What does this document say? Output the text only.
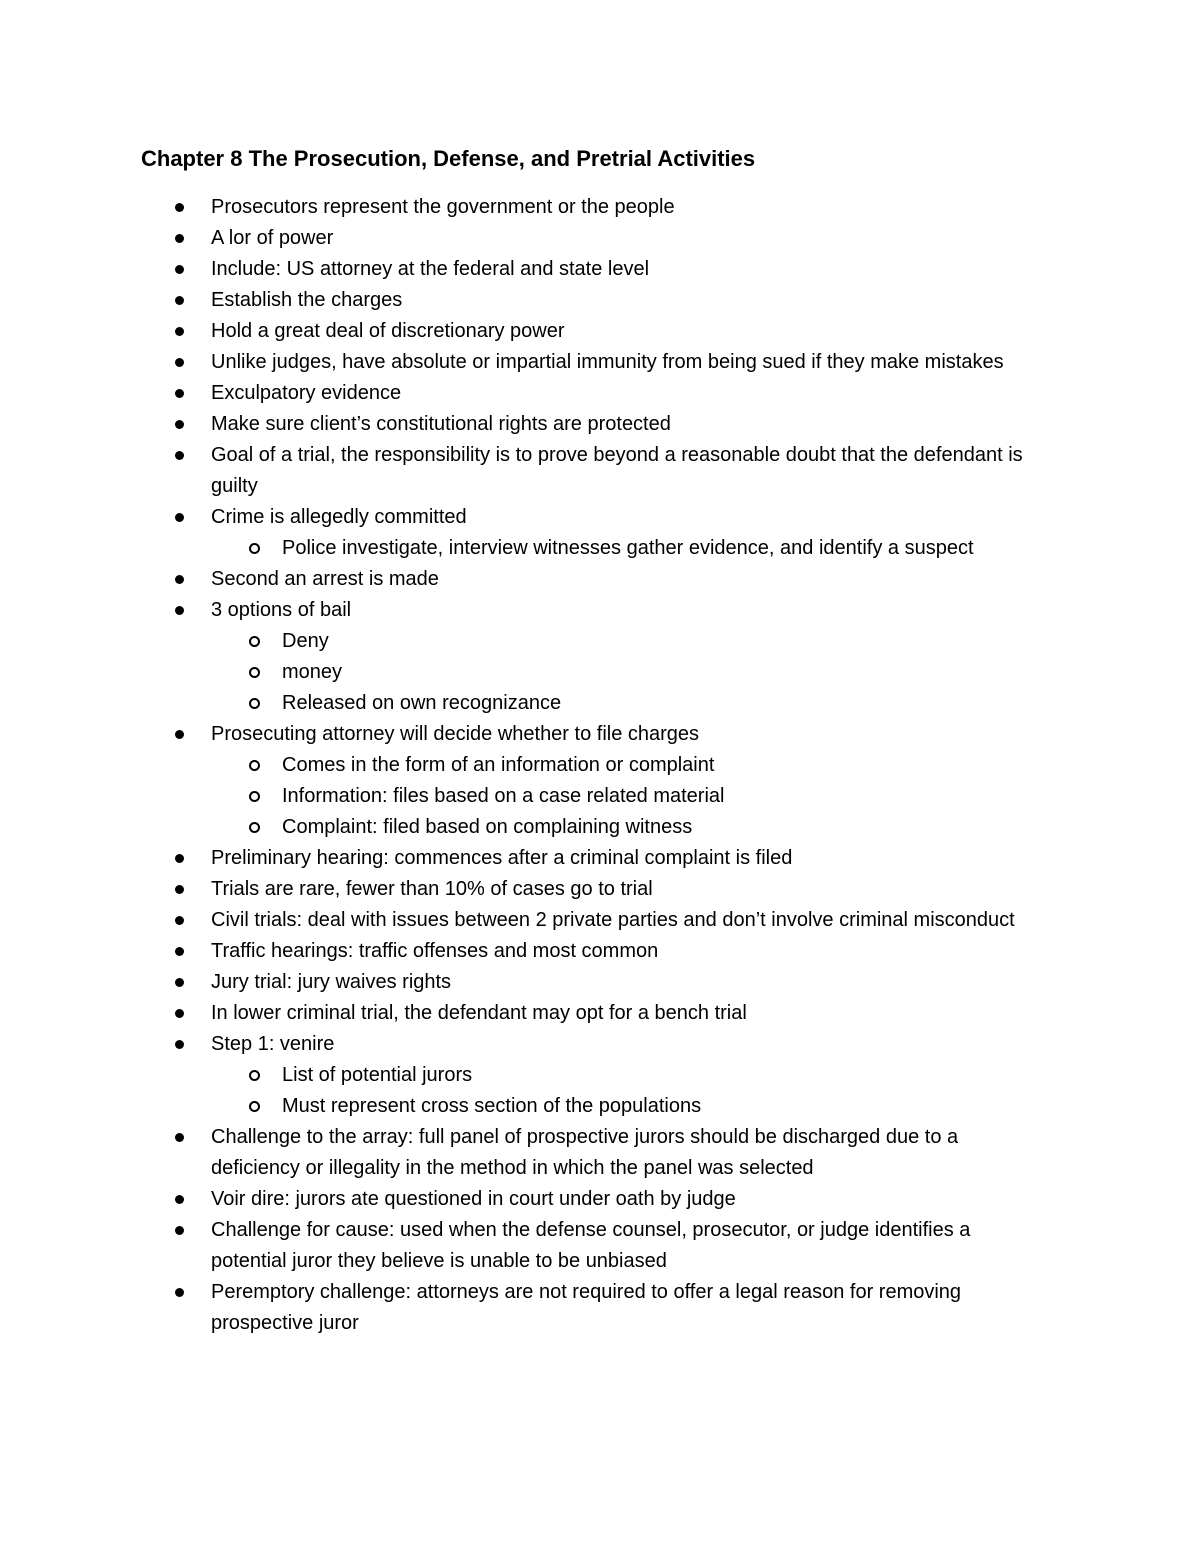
Chapter 8 The Prosecution, Defense, and Pretrial Activities
Prosecutors represent the government or the people
A lor of power
Include: US attorney at the federal and state level
Establish the charges
Hold a great deal of discretionary power
Unlike judges, have absolute or impartial immunity from being sued if they make mistakes
Exculpatory evidence
Make sure client’s constitutional rights are protected
Goal of a trial, the responsibility is to prove beyond a reasonable doubt that the defendant is guilty
Crime is allegedly committed
Police investigate, interview witnesses gather evidence, and identify a suspect
Second an arrest is made
3 options of bail
Deny
money
Released on own recognizance
Prosecuting attorney will decide whether to file charges
Comes in the form of an information or complaint
Information: files based on a case related material
Complaint: filed based on complaining witness
Preliminary hearing: commences after a criminal complaint is filed
Trials are rare, fewer than 10% of cases go to trial
Civil trials: deal with issues between 2 private parties and don’t involve criminal misconduct
Traffic hearings: traffic offenses and most common
Jury trial: jury waives rights
In lower criminal trial, the defendant may opt for a bench trial
Step 1: venire
List of potential jurors
Must represent cross section of the populations
Challenge to the array: full panel of prospective jurors should be discharged due to a deficiency or illegality in the method in which the panel was selected
Voir dire: jurors ate questioned in court under oath by judge
Challenge for cause: used when the defense counsel, prosecutor, or judge identifies a potential juror they believe is unable to be unbiased
Peremptory challenge: attorneys are not required to offer a legal reason for removing prospective juror
